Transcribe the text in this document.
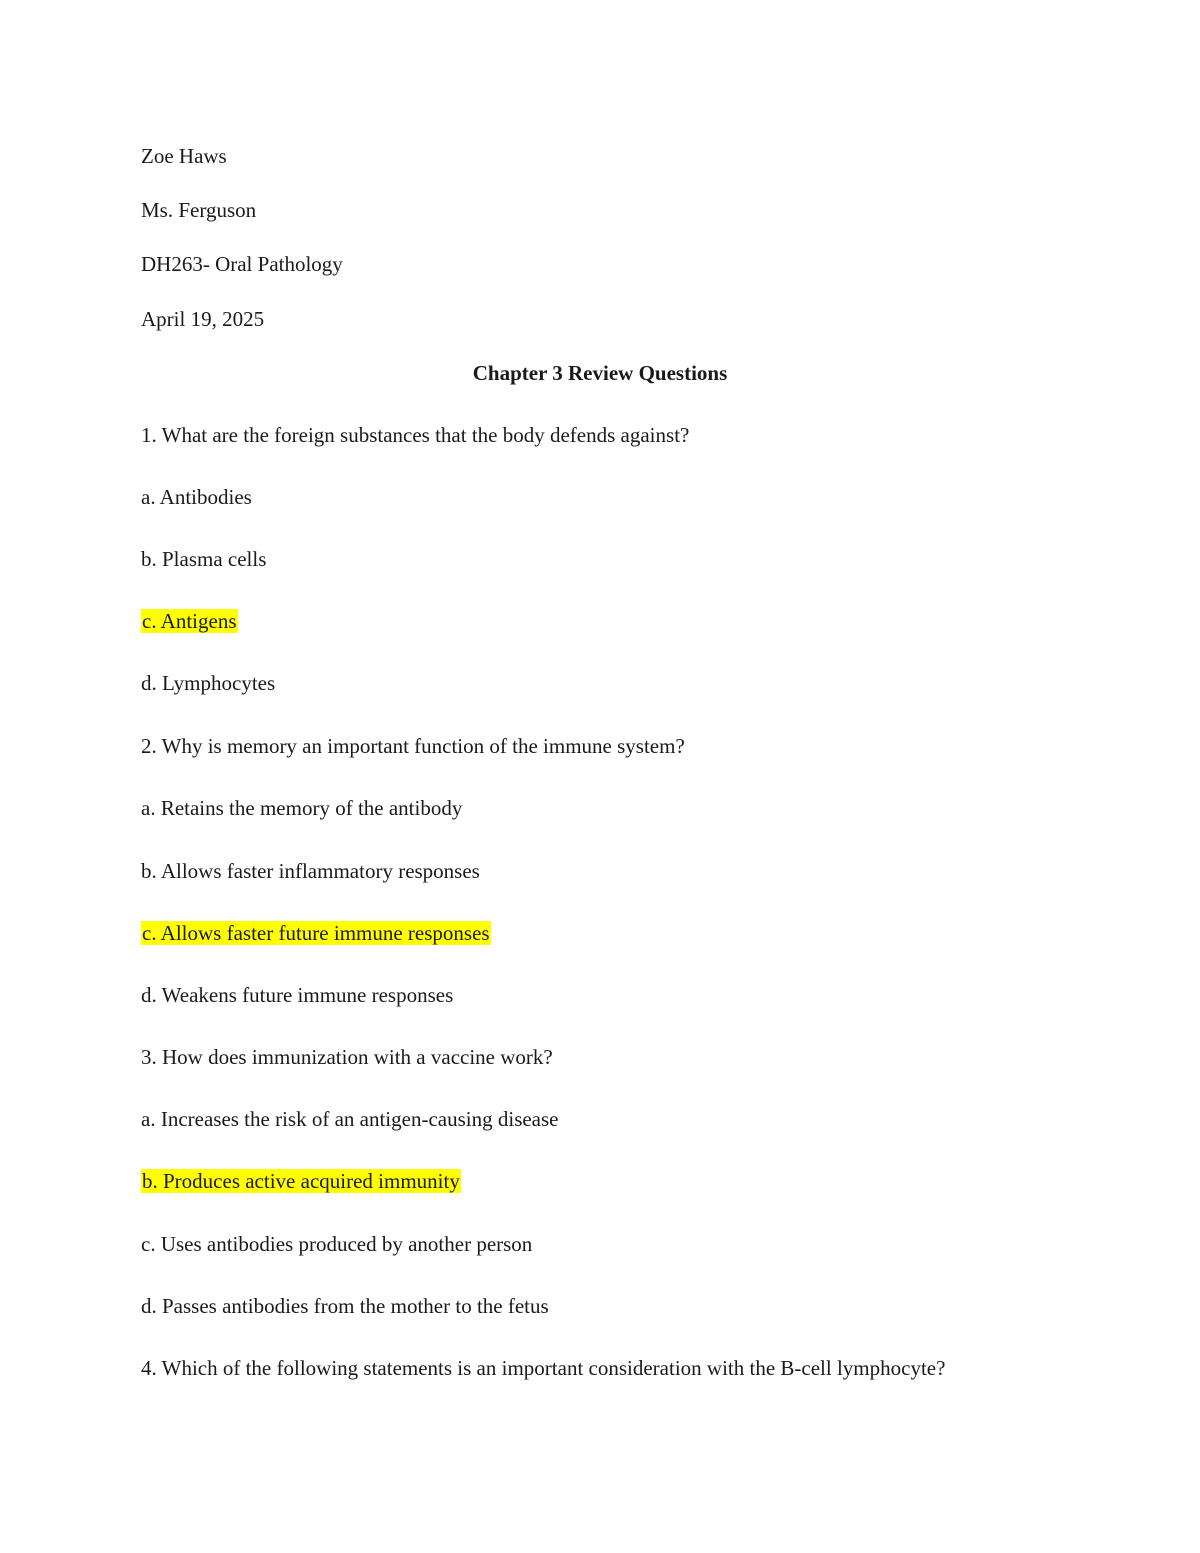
Zoe Haws
Ms. Ferguson
DH263- Oral Pathology
April 19, 2025
Chapter 3 Review Questions
1. What are the foreign substances that the body defends against?
a. Antibodies
b. Plasma cells
c. Antigens
d. Lymphocytes
2. Why is memory an important function of the immune system?
a. Retains the memory of the antibody
b. Allows faster inflammatory responses
c. Allows faster future immune responses
d. Weakens future immune responses
3. How does immunization with a vaccine work?
a. Increases the risk of an antigen-causing disease
b. Produces active acquired immunity
c. Uses antibodies produced by another person
d. Passes antibodies from the mother to the fetus
4. Which of the following statements is an important consideration with the B-cell lymphocyte?
